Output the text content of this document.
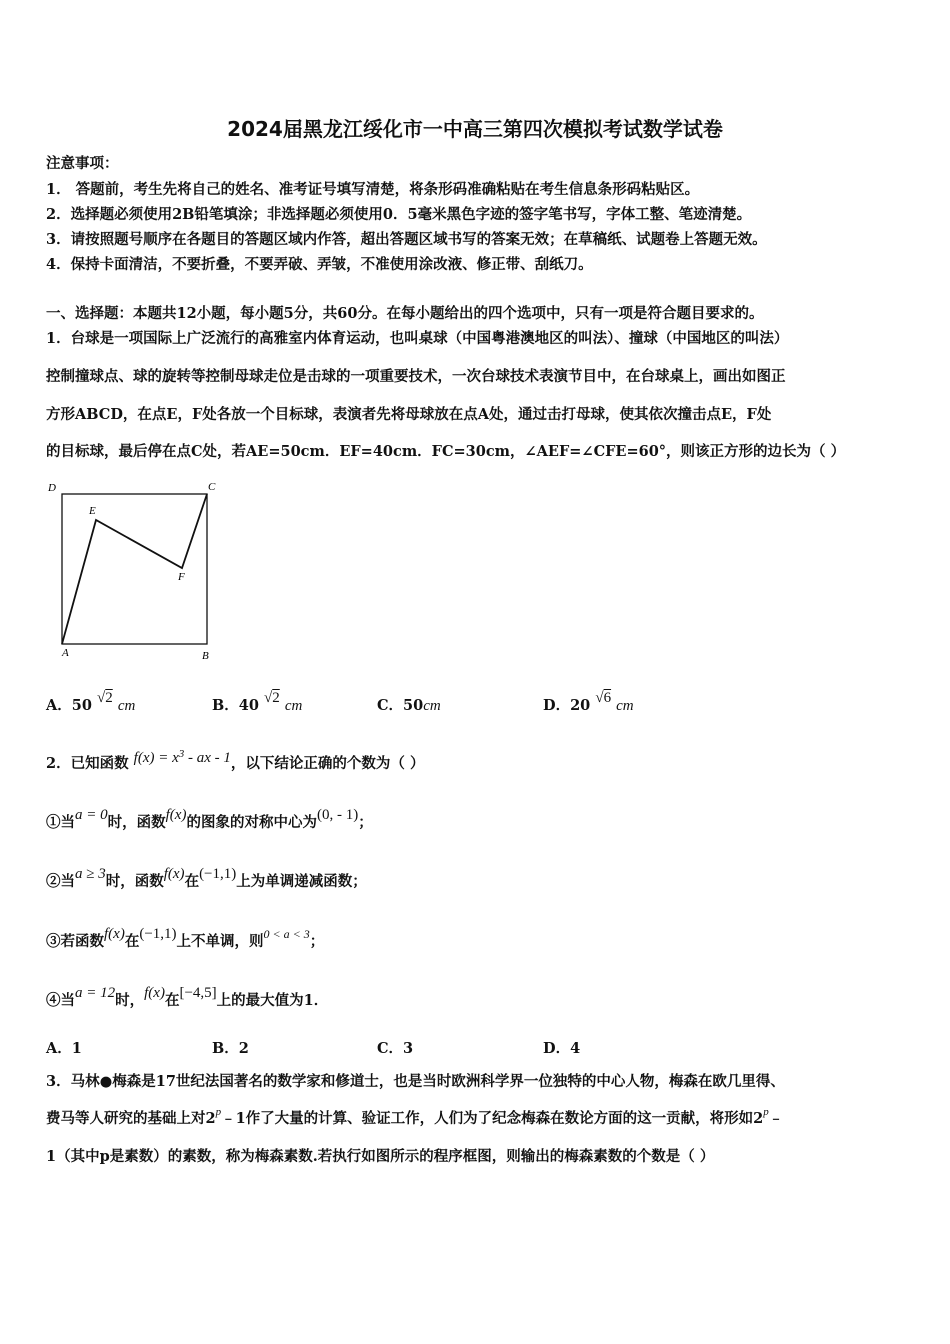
2024届黑龙江绥化市一中高三第四次模拟考试数学试卷
注意事项：
1． 答题前，考生先将自己的姓名、准考证号填写清楚，将条形码准确粘贴在考生信息条形码粘贴区。
2．选择题必须使用2B铅笔填涂；非选择题必须使用0．5毫米黑色字迹的签字笔书写，字体工整、笔迹清楚。
3．请按照题号顺序在各题目的答题区域内作答，超出答题区域书写的答案无效；在草稿纸、试题卷上答题无效。
4．保持卡面清洁，不要折叠，不要弄破、弄皱，不准使用涂改液、修正带、刮纸刀。
一、选择题：本题共12小题，每小题5分，共60分。在每小题给出的四个选项中，只有一项是符合题目要求的。
1．台球是一项国际上广泛流行的高雅室内体育运动，也叫桌球（中国粤港澳地区的叫法）、撞球（中国地区的叫法）
控制撞球点、球的旋转等控制母球走位是击球的一项重要技术，一次台球技术表演节目中，在台球桌上，画出如图正
方形ABCD，在点E，F处各放一个目标球，表演者先将母球放在点A处，通过击打母球，使其依次撞击点E，F处
的目标球，最后停在点C处，若AE=50cm．EF=40cm．FC=30cm，∠AEF=∠CFE=60°，则该正方形的边长为（ ）
D	C
E
F
A	B
A．50 √2 cm	B．40 √2 cm	C．50cm	D．20 √6 cm
2．已知函数 $f(x) = x^3$ - ax - 1，以下结论正确的个数为（ ）
①当a = 0时，函数f(x)的图象的对称中心为(0, - 1)；
②当a ≥ 3时，函数f(x)在(−1,1)上为单调递减函数；
③若函数f(x)在(−1,1)上不单调，则$^{0 < a < 3}$；
④当a = 12时，f(x)在[−4,5]上的最大值为1．
A．1	B．2	C．3	D．4
3．马林●梅森是17世纪法国著名的数学家和修道士，也是当时欧洲科学界一位独特的中心人物，梅森在欧几里得、
费马等人研究的基础上对2$^p$﹣1作了大量的计算、验证工作，人们为了纪念梅森在数论方面的这一贡献，将形如2$^p$﹣
1（其中p是素数）的素数，称为梅森素数.若执行如图所示的程序框图，则输出的梅森素数的个数是（ ）
